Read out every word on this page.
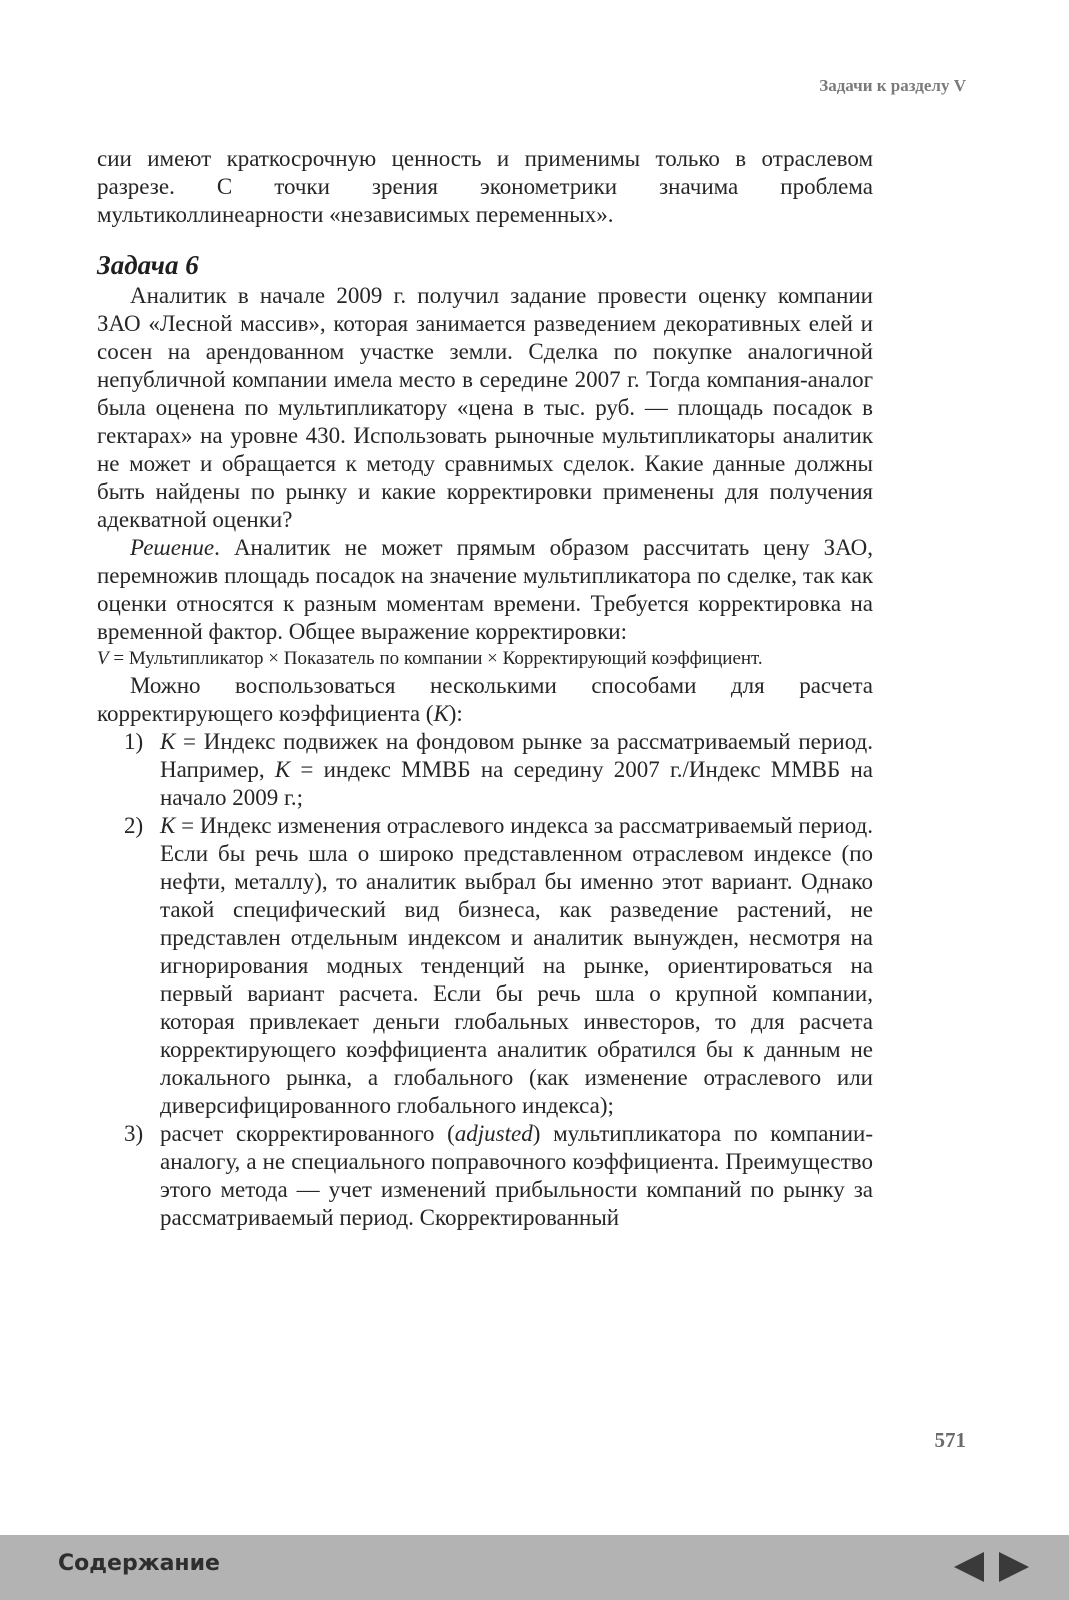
Задачи к разделу V

сии имеют краткосрочную ценность и применимы только в отраслевом разрезе. С точки зрения эконометрики значима проблема мультиколлинеарности «независимых переменных».

Задача 6

Аналитик в начале 2009 г. получил задание провести оценку компании ЗАО «Лесной массив», которая занимается разведением декоративных елей и сосен на арендованном участке земли. Сделка по покупке аналогичной непубличной компании имела место в середине 2007 г. Тогда компания-аналог была оценена по мультипликатору «цена в тыс. руб. — площадь посадок в гектарах» на уровне 430. Использовать рыночные мультипликаторы аналитик не может и обращается к методу сравнимых сделок. Какие данные должны быть найдены по рынку и какие корректировки применены для получения адекватной оценки?

Решение. Аналитик не может прямым образом рассчитать цену ЗАО, перемножив площадь посадок на значение мультипликатора по сделке, так как оценки относятся к разным моментам времени. Требуется корректировка на временной фактор. Общее выражение корректировки:

V = Мультипликатор × Показатель по компании × Корректирующий коэффициент.

Можно воспользоваться несколькими способами для расчета корректирующего коэффициента (К):

1) К = Индекс подвижек на фондовом рынке за рассматриваемый период. Например, К = индекс ММВБ на середину 2007 г./Индекс ММВБ на начало 2009 г.;
2) К = Индекс изменения отраслевого индекса за рассматриваемый период. Если бы речь шла о широко представленном отраслевом индексе (по нефти, металлу), то аналитик выбрал бы именно этот вариант. Однако такой специфический вид бизнеса, как разведение растений, не представлен отдельным индексом и аналитик вынужден, несмотря на игнорирования модных тенденций на рынке, ориентироваться на первый вариант расчета. Если бы речь шла о крупной компании, которая привлекает деньги глобальных инвесторов, то для расчета корректирующего коэффициента аналитик обратился бы к данным не локального рынка, а глобального (как изменение отраслевого или диверсифицированного глобального индекса);
3) расчет скорректированного (adjusted) мультипликатора по компании-аналогу, а не специального поправочного коэффициента. Преимущество этого метода — учет изменений прибыльности компаний по рынку за рассматриваемый период. Скорректированный
571
Содержание
